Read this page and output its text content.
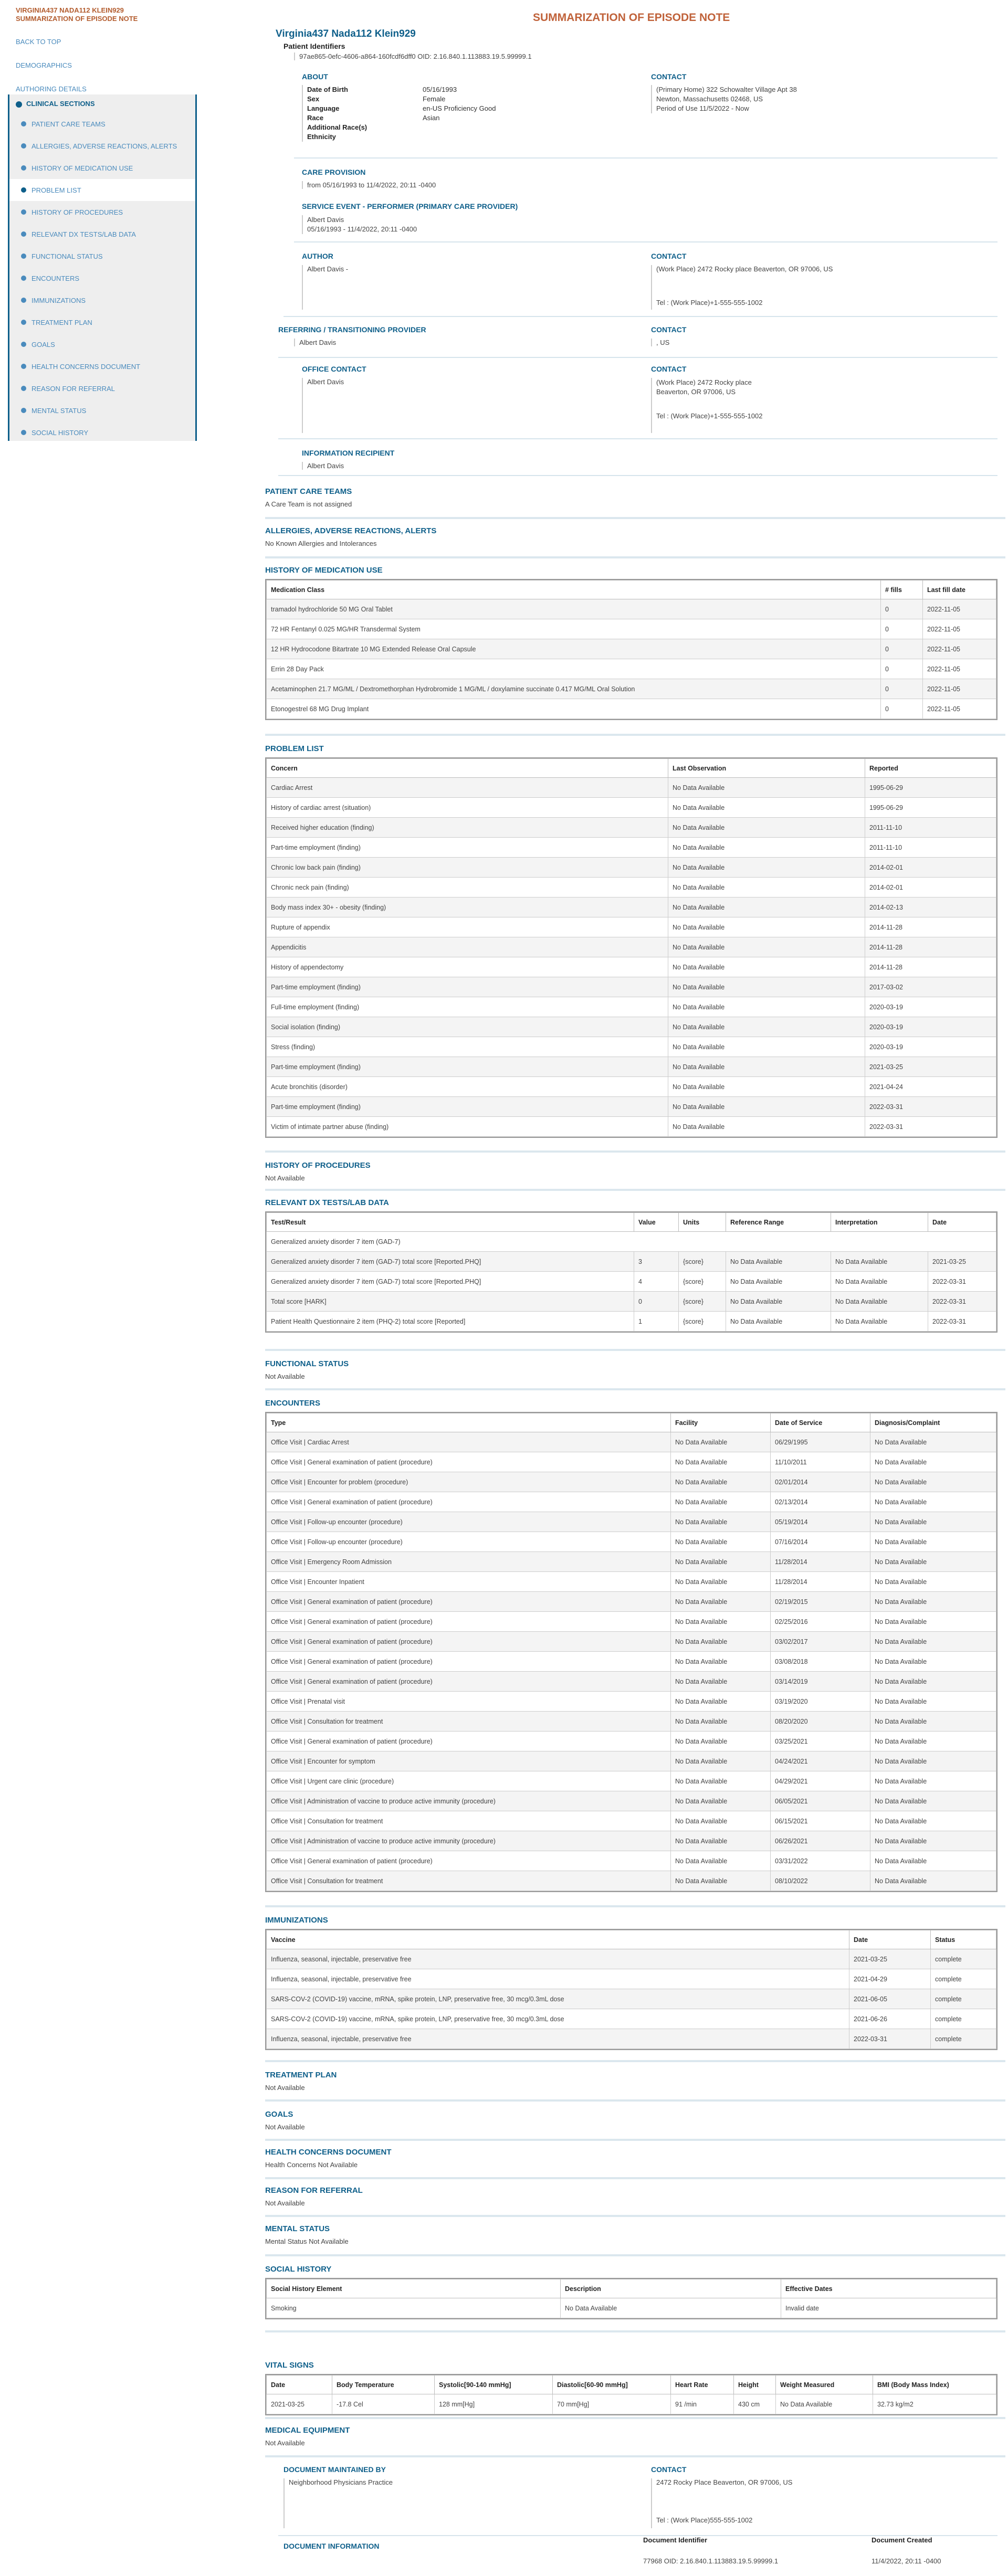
VIRGINIA437 NADA112 KLEIN929
SUMMARIZATION OF EPISODE NOTE
BACK TO TOP
DEMOGRAPHICS
AUTHORING DETAILS
CLINICAL SECTIONS
PATIENT CARE TEAMS
ALLERGIES, ADVERSE REACTIONS, ALERTS
HISTORY OF MEDICATION USE
PROBLEM LIST
HISTORY OF PROCEDURES
RELEVANT DX TESTS/LAB DATA
FUNCTIONAL STATUS
ENCOUNTERS
IMMUNIZATIONS
TREATMENT PLAN
GOALS
HEALTH CONCERNS DOCUMENT
REASON FOR REFERRAL
MENTAL STATUS
SOCIAL HISTORY
SUMMARIZATION OF EPISODE NOTE
Virginia437 Nada112 Klein929
Patient Identifiers
97ae865-0efc-4606-a864-160fcdf6dff0 OID: 2.16.840.1.113883.19.5.99999.1
ABOUT
Date of Birth	05/16/1993
Sex	Female
Language	en-US Proficiency Good
Race	Asian
Additional Race(s)
Ethnicity
CONTACT
(Primary Home) 322 Schowalter Village Apt 38
Newton, Massachusetts 02468, US
Period of Use 11/5/2022 - Now
CARE PROVISION
from 05/16/1993 to 11/4/2022, 20:11 -0400
SERVICE EVENT - PERFORMER (PRIMARY CARE PROVIDER)
Albert Davis
05/16/1993 - 11/4/2022, 20:11 -0400
AUTHOR
Albert Davis -
CONTACT
(Work Place) 2472 Rocky place Beaverton, OR 97006, US
Tel : (Work Place)+1-555-555-1002
REFERRING / TRANSITIONING PROVIDER
Albert Davis
CONTACT
, US
OFFICE CONTACT
Albert Davis
CONTACT
(Work Place) 2472 Rocky place
Beaverton, OR 97006, US
Tel : (Work Place)+1-555-555-1002
INFORMATION RECIPIENT
Albert Davis
PATIENT CARE TEAMS
A Care Team is not assigned
ALLERGIES, ADVERSE REACTIONS, ALERTS
No Known Allergies and Intolerances
HISTORY OF MEDICATION USE
Medication Class	# fills	Last fill date
tramadol hydrochloride 50 MG Oral Tablet	0	2022-11-05
72 HR Fentanyl 0.025 MG/HR Transdermal System	0	2022-11-05
12 HR Hydrocodone Bitartrate 10 MG Extended Release Oral Capsule	0	2022-11-05
Errin 28 Day Pack	0	2022-11-05
Acetaminophen 21.7 MG/ML / Dextromethorphan Hydrobromide 1 MG/ML / doxylamine succinate 0.417 MG/ML Oral Solution	0	2022-11-05
Etonogestrel 68 MG Drug Implant	0	2022-11-05
PROBLEM LIST
Concern	Last Observation	Reported
Cardiac Arrest	No Data Available	1995-06-29
History of cardiac arrest (situation)	No Data Available	1995-06-29
Received higher education (finding)	No Data Available	2011-11-10
Part-time employment (finding)	No Data Available	2011-11-10
Chronic low back pain (finding)	No Data Available	2014-02-01
Chronic neck pain (finding)	No Data Available	2014-02-01
Body mass index 30+ - obesity (finding)	No Data Available	2014-02-13
Rupture of appendix	No Data Available	2014-11-28
Appendicitis	No Data Available	2014-11-28
History of appendectomy	No Data Available	2014-11-28
Part-time employment (finding)	No Data Available	2017-03-02
Full-time employment (finding)	No Data Available	2020-03-19
Social isolation (finding)	No Data Available	2020-03-19
Stress (finding)	No Data Available	2020-03-19
Part-time employment (finding)	No Data Available	2021-03-25
Acute bronchitis (disorder)	No Data Available	2021-04-24
Part-time employment (finding)	No Data Available	2022-03-31
Victim of intimate partner abuse (finding)	No Data Available	2022-03-31
HISTORY OF PROCEDURES
Not Available
RELEVANT DX TESTS/LAB DATA
Test/Result	Value	Units	Reference Range	Interpretation	Date
Generalized anxiety disorder 7 item (GAD-7)					
Generalized anxiety disorder 7 item (GAD-7) total score [Reported.PHQ]	3	{score}	No Data Available	No Data Available	2021-03-25
Generalized anxiety disorder 7 item (GAD-7) total score [Reported.PHQ]	4	{score}	No Data Available	No Data Available	2022-03-31
Total score [HARK]	0	{score}	No Data Available	No Data Available	2022-03-31
Patient Health Questionnaire 2 item (PHQ-2) total score [Reported]	1	{score}	No Data Available	No Data Available	2022-03-31
FUNCTIONAL STATUS
Not Available
ENCOUNTERS
Type	Facility	Date of Service	Diagnosis/Complaint
Office Visit | Cardiac Arrest	No Data Available	06/29/1995	No Data Available
Office Visit | General examination of patient (procedure)	No Data Available	11/10/2011	No Data Available
Office Visit | Encounter for problem (procedure)	No Data Available	02/01/2014	No Data Available
Office Visit | General examination of patient (procedure)	No Data Available	02/13/2014	No Data Available
Office Visit | Follow-up encounter (procedure)	No Data Available	05/19/2014	No Data Available
Office Visit | Follow-up encounter (procedure)	No Data Available	07/16/2014	No Data Available
Office Visit | Emergency Room Admission	No Data Available	11/28/2014	No Data Available
Office Visit | Encounter Inpatient	No Data Available	11/28/2014	No Data Available
Office Visit | General examination of patient (procedure)	No Data Available	02/19/2015	No Data Available
Office Visit | General examination of patient (procedure)	No Data Available	02/25/2016	No Data Available
Office Visit | General examination of patient (procedure)	No Data Available	03/02/2017	No Data Available
Office Visit | General examination of patient (procedure)	No Data Available	03/08/2018	No Data Available
Office Visit | General examination of patient (procedure)	No Data Available	03/14/2019	No Data Available
Office Visit | Prenatal visit	No Data Available	03/19/2020	No Data Available
Office Visit | Consultation for treatment	No Data Available	08/20/2020	No Data Available
Office Visit | General examination of patient (procedure)	No Data Available	03/25/2021	No Data Available
Office Visit | Encounter for symptom	No Data Available	04/24/2021	No Data Available
Office Visit | Urgent care clinic (procedure)	No Data Available	04/29/2021	No Data Available
Office Visit | Administration of vaccine to produce active immunity (procedure)	No Data Available	06/05/2021	No Data Available
Office Visit | Consultation for treatment	No Data Available	06/15/2021	No Data Available
Office Visit | Administration of vaccine to produce active immunity (procedure)	No Data Available	06/26/2021	No Data Available
Office Visit | General examination of patient (procedure)	No Data Available	03/31/2022	No Data Available
Office Visit | Consultation for treatment	No Data Available	08/10/2022	No Data Available
IMMUNIZATIONS
Vaccine	Date	Status
Influenza, seasonal, injectable, preservative free	2021-03-25	complete
Influenza, seasonal, injectable, preservative free	2021-04-29	complete
SARS-COV-2 (COVID-19) vaccine, mRNA, spike protein, LNP, preservative free, 30 mcg/0.3mL dose	2021-06-05	complete
SARS-COV-2 (COVID-19) vaccine, mRNA, spike protein, LNP, preservative free, 30 mcg/0.3mL dose	2021-06-26	complete
Influenza, seasonal, injectable, preservative free	2022-03-31	complete
TREATMENT PLAN
Not Available
GOALS
Not Available
HEALTH CONCERNS DOCUMENT
Health Concerns Not Available
REASON FOR REFERRAL
Not Available
MENTAL STATUS
Mental Status Not Available
SOCIAL HISTORY
Social History Element	Description	Effective Dates
Smoking	No Data Available	Invalid date
VITAL SIGNS
Date	Body Temperature	Systolic[90-140 mmHg]	Diastolic[60-90 mmHg]	Heart Rate	Height	Weight Measured	BMI (Body Mass Index)
2021-03-25	-17.8 Cel	128 mm[Hg]	70 mm[Hg]	91 /min	430 cm	No Data Available	32.73 kg/m2
MEDICAL EQUIPMENT
Not Available
DOCUMENT MAINTAINED BY
Neighborhood Physicians Practice
CONTACT
2472 Rocky Place Beaverton, OR 97006, US
Tel : (Work Place)555-555-1002
DOCUMENT INFORMATION
Document Identifier	Document Created
77968 OID: 2.16.840.1.113883.19.5.99999.1	11/4/2022, 20:11 -0400
